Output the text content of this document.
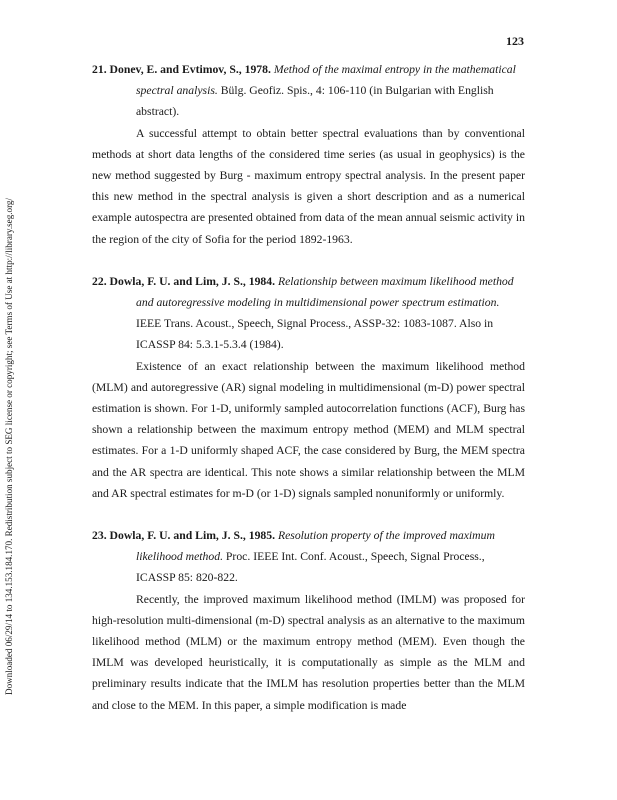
123
Downloaded 06/29/14 to 134.153.184.170. Redistribution subject to SEG license or copyright; see Terms of Use at http://library.seg.org/

21. Donev, E. and Evtimov, S., 1978. Method of the maximal entropy in the mathematical spectral analysis. Bülg. Geofiz. Spis., 4: 106-110 (in Bulgarian with English abstract).

A successful attempt to obtain better spectral evaluations than by conventional methods at short data lengths of the considered time series (as usual in geophysics) is the new method suggested by Burg - maximum entropy spectral analysis. In the present paper this new method in the spectral analysis is given a short description and as a numerical example autospectra are presented obtained from data of the mean annual seismic activity in the region of the city of Sofia for the period 1892-1963.

22. Dowla, F. U. and Lim, J. S., 1984. Relationship between maximum likelihood method and autoregressive modeling in multidimensional power spectrum estimation. IEEE Trans. Acoust., Speech, Signal Process., ASSP-32: 1083-1087. Also in ICASSP 84: 5.3.1-5.3.4 (1984).

Existence of an exact relationship between the maximum likelihood method (MLM) and autoregressive (AR) signal modeling in multidimensional (m-D) power spectral estimation is shown. For 1-D, uniformly sampled autocorrelation functions (ACF), Burg has shown a relationship between the maximum entropy method (MEM) and MLM spectral estimates. For a 1-D uniformly shaped ACF, the case considered by Burg, the MEM spectra and the AR spectra are identical. This note shows a similar relationship between the MLM and AR spectral estimates for m-D (or 1-D) signals sampled nonuniformly or uniformly.

23. Dowla, F. U. and Lim, J. S., 1985. Resolution property of the improved maximum likelihood method. Proc. IEEE Int. Conf. Acoust., Speech, Signal Process., ICASSP 85: 820-822.

Recently, the improved maximum likelihood method (IMLM) was proposed for high-resolution multi-dimensional (m-D) spectral analysis as an alternative to the maximum likelihood method (MLM) or the maximum entropy method (MEM). Even though the IMLM was developed heuristically, it is computationally as simple as the MLM and preliminary results indicate that the IMLM has resolution properties better than the MLM and close to the MEM. In this paper, a simple modification is made
